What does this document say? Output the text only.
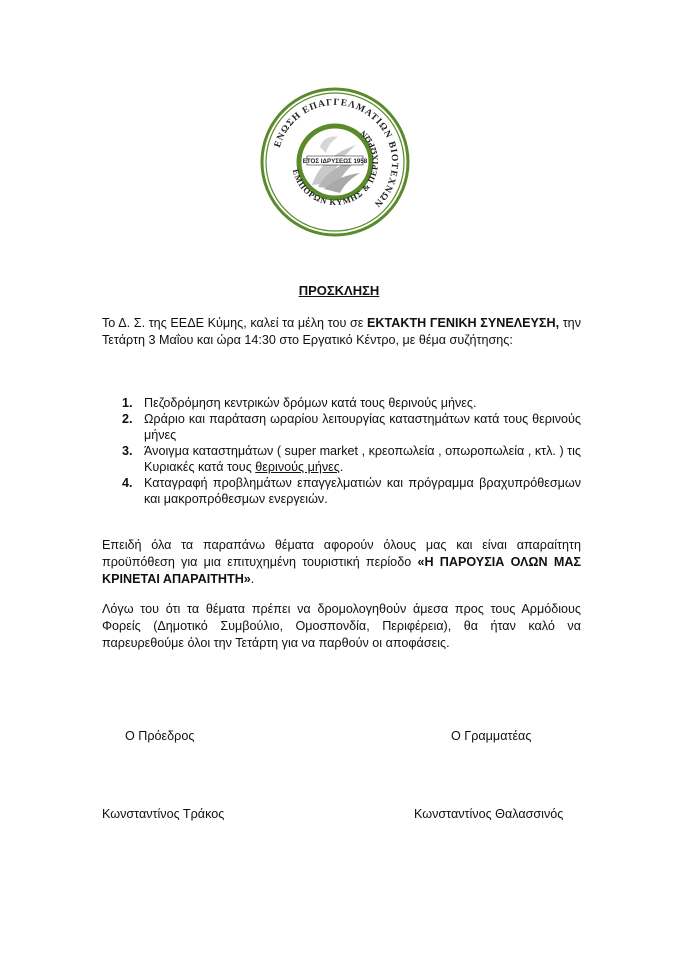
ΕΤΟΣ ΙΔΡΥΣΕΩΣ 1958
ΕΝΩΣΗ ΕΠΑΓΓΕΛΜΑΤΙΩΝ ΒΙΟΤΕΧΝΩΝ
ΕΜΠΟΡΩΝ ΚΥΜΗΣ & ΠΕΡΙΧΩΡΩΝ
ΠΡΟΣΚΛΗΣΗ
Το Δ. Σ. της ΕΕΔΕ Κύμης, καλεί τα μέλη του σε ΕΚΤΑΚΤΗ ΓΕΝΙΚΗ ΣΥΝΕΛΕΥΣΗ, την Τετάρτη 3 Μαΐου και ώρα 14:30 στο Εργατικό Κέντρο, με θέμα συζήτησης:
1. Πεζοδρόμηση κεντρικών δρόμων κατά τους θερινούς μήνες.
2. Ωράριο και παράταση ωραρίου λειτουργίας καταστημάτων κατά τους θερινούς μήνες
3. Άνοιγμα καταστημάτων ( super market , κρεοπωλεία , οπωροπωλεία , κτλ. ) τις Κυριακές κατά τους θερινούς μήνες.
4. Καταγραφή προβλημάτων επαγγελματιών και πρόγραμμα βραχυπρόθεσμων και μακροπρόθεσμων ενεργειών.
Επειδή όλα τα παραπάνω θέματα αφορούν όλους μας και είναι απαραίτητη προϋπόθεση για μια επιτυχημένη τουριστική περίοδο «Η ΠΑΡΟΥΣΙΑ ΟΛΩΝ ΜΑΣ ΚΡΙΝΕΤΑΙ ΑΠΑΡΑΙΤΗΤΗ».
Λόγω του ότι τα θέματα πρέπει να δρομολογηθούν άμεσα προς τους Αρμόδιους Φορείς (Δημοτικό Συμβούλιο, Ομοσπονδία, Περιφέρεια), θα ήταν καλό να παρευρεθούμε όλοι την Τετάρτη για να παρθούν οι αποφάσεις.
Ο Πρόεδρος	Ο Γραμματέας
Κωνσταντίνος Τράκος	Κωνσταντίνος Θαλασσινός
